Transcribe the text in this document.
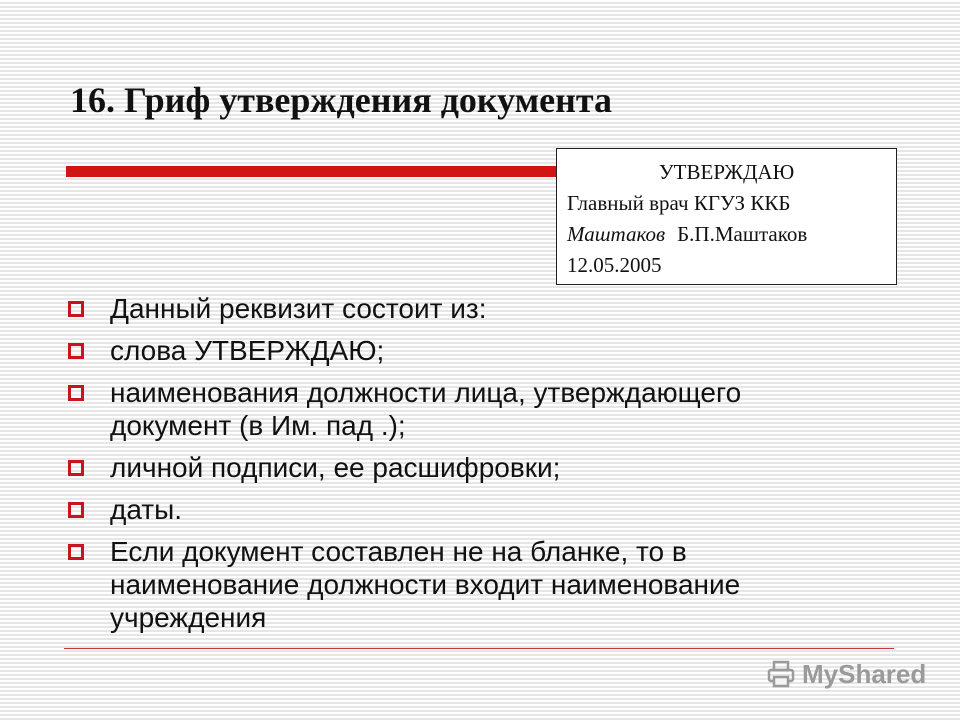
16. Гриф утверждения документа
УТВЕРЖДАЮ
Главный врач КГУЗ ККБ
Маштаков Б.П.Маштаков
12.05.2005
Данный реквизит состоит из:
слова УТВЕРЖДАЮ;
наименования должности лица, утверждающего документ (в Им. пад .);
личной подписи, ее расшифровки;
даты.
Если документ составлен не на бланке, то в наименование должности входит наименование учреждения
MyShared
